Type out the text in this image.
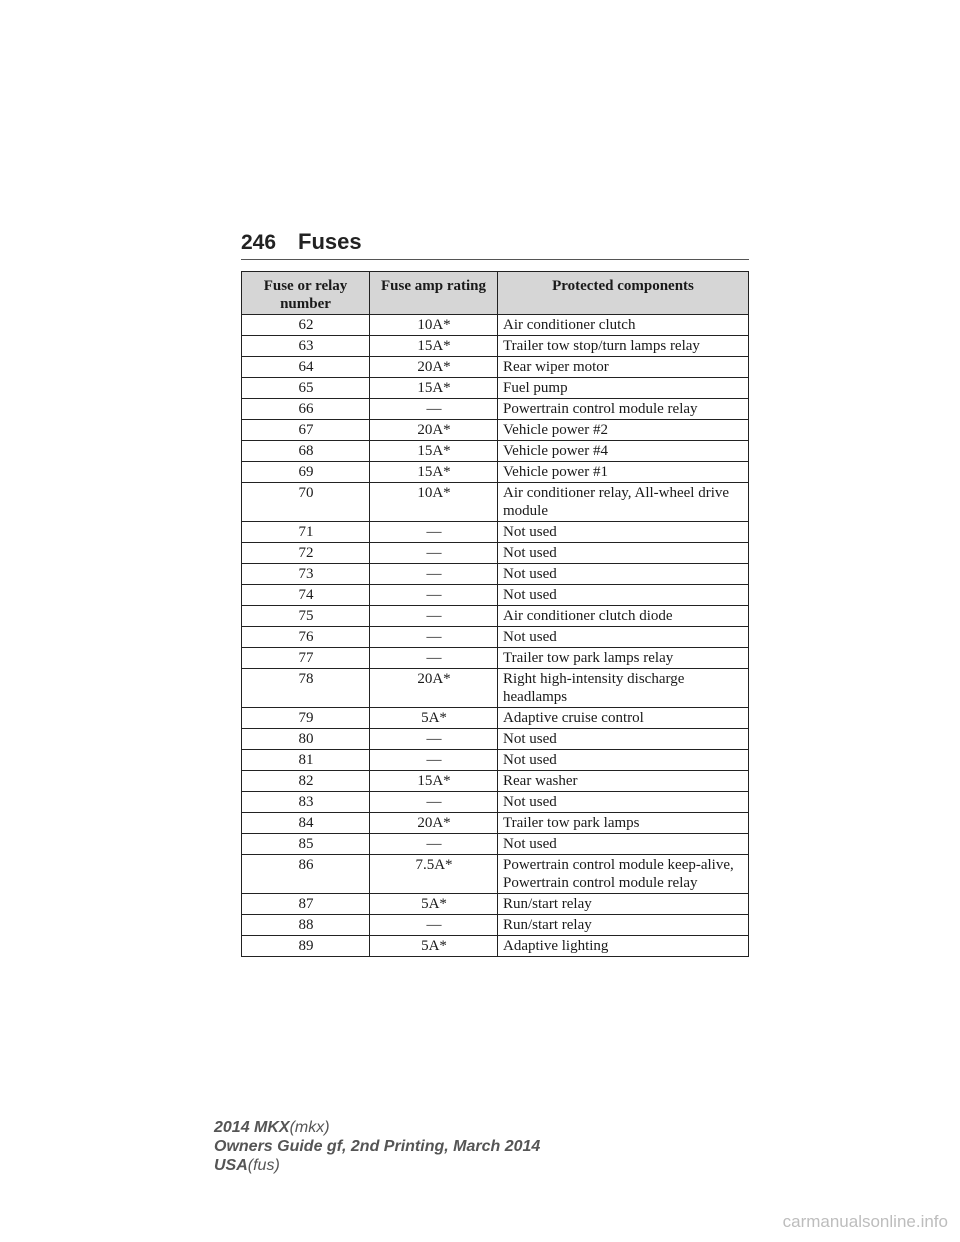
246 Fuses
Fuse or relay number	Fuse amp rating	Protected components
62	10A*	Air conditioner clutch
63	15A*	Trailer tow stop/turn lamps relay
64	20A*	Rear wiper motor
65	15A*	Fuel pump
66	—	Powertrain control module relay
67	20A*	Vehicle power #2
68	15A*	Vehicle power #4
69	15A*	Vehicle power #1
70	10A*	Air conditioner relay, All-wheel drive module
71	—	Not used
72	—	Not used
73	—	Not used
74	—	Not used
75	—	Air conditioner clutch diode
76	—	Not used
77	—	Trailer tow park lamps relay
78	20A*	Right high-intensity discharge headlamps
79	5A*	Adaptive cruise control
80	—	Not used
81	—	Not used
82	15A*	Rear washer
83	—	Not used
84	20A*	Trailer tow park lamps
85	—	Not used
86	7.5A*	Powertrain control module keep-alive, Powertrain control module relay
87	5A*	Run/start relay
88	—	Run/start relay
89	5A*	Adaptive lighting
2014 MKX(mkx)
Owners Guide gf, 2nd Printing, March 2014
USA(fus)
carmanualsonline.info
